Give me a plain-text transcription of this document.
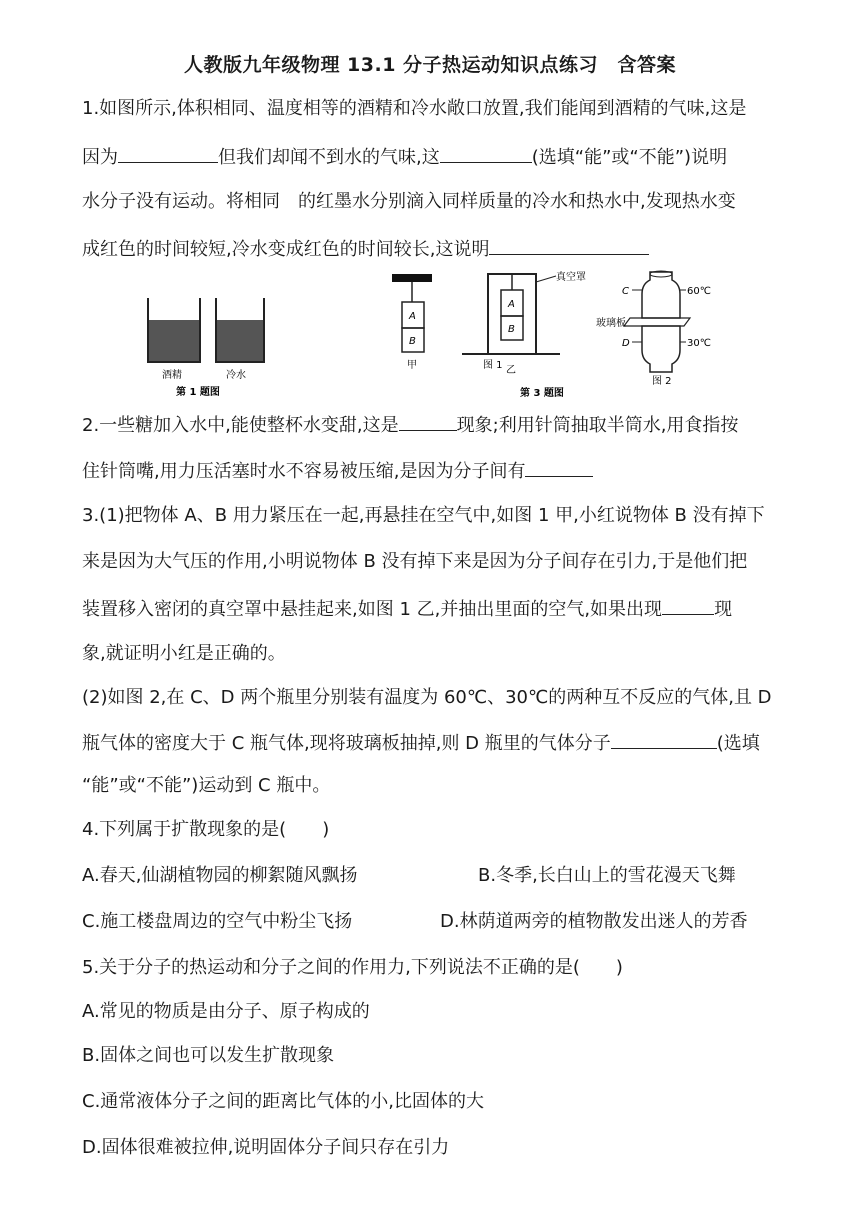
人教版九年级物理 13.1 分子热运动知识点练习　含答案
1.如图所示,体积相同、温度相等的酒精和冷水敞口放置,我们能闻到酒精的气味,这是
因为	但我们却闻不到水的气味,这	(选填“能”或“不能”)说明
水分子没有运动。将相同　的红墨水分别滴入同样质量的冷水和热水中,发现热水变
成红色的时间较短,冷水变成红色的时间较长,这说明
酒精	冷水
第 1 题图
A
B
甲
A
B
真空罩
图 1 乙
第 3 题图
C
D
60℃
30℃
玻璃板
图 2
2.一些糖加入水中,能使整杯水变甜,这是	现象;利用针筒抽取半筒水,用食指按
住针筒嘴,用力压活塞时水不容易被压缩,是因为分子间有
3.(1)把物体 A、B 用力紧压在一起,再悬挂在空气中,如图 1 甲,小红说物体 B 没有掉下
来是因为大气压的作用,小明说物体 B 没有掉下来是因为分子间存在引力,于是他们把
装置移入密闭的真空罩中悬挂起来,如图 1 乙,并抽出里面的空气,如果出现	现
象,就证明小红是正确的。
(2)如图 2,在 C、D 两个瓶里分别装有温度为 60℃、30℃的两种互不反应的气体,且 D
瓶气体的密度大于 C 瓶气体,现将玻璃板抽掉,则 D 瓶里的气体分子	(选填
“能”或“不能”)运动到 C 瓶中。
4.下列属于扩散现象的是(　　)
A.春天,仙湖植物园的柳絮随风飘扬	B.冬季,长白山上的雪花漫天飞舞
C.施工楼盘周边的空气中粉尘飞扬	D.林荫道两旁的植物散发出迷人的芳香
5.关于分子的热运动和分子之间的作用力,下列说法不正确的是(　　)
A.常见的物质是由分子、原子构成的
B.固体之间也可以发生扩散现象
C.通常液体分子之间的距离比气体的小,比固体的大
D.固体很难被拉伸,说明固体分子间只存在引力
